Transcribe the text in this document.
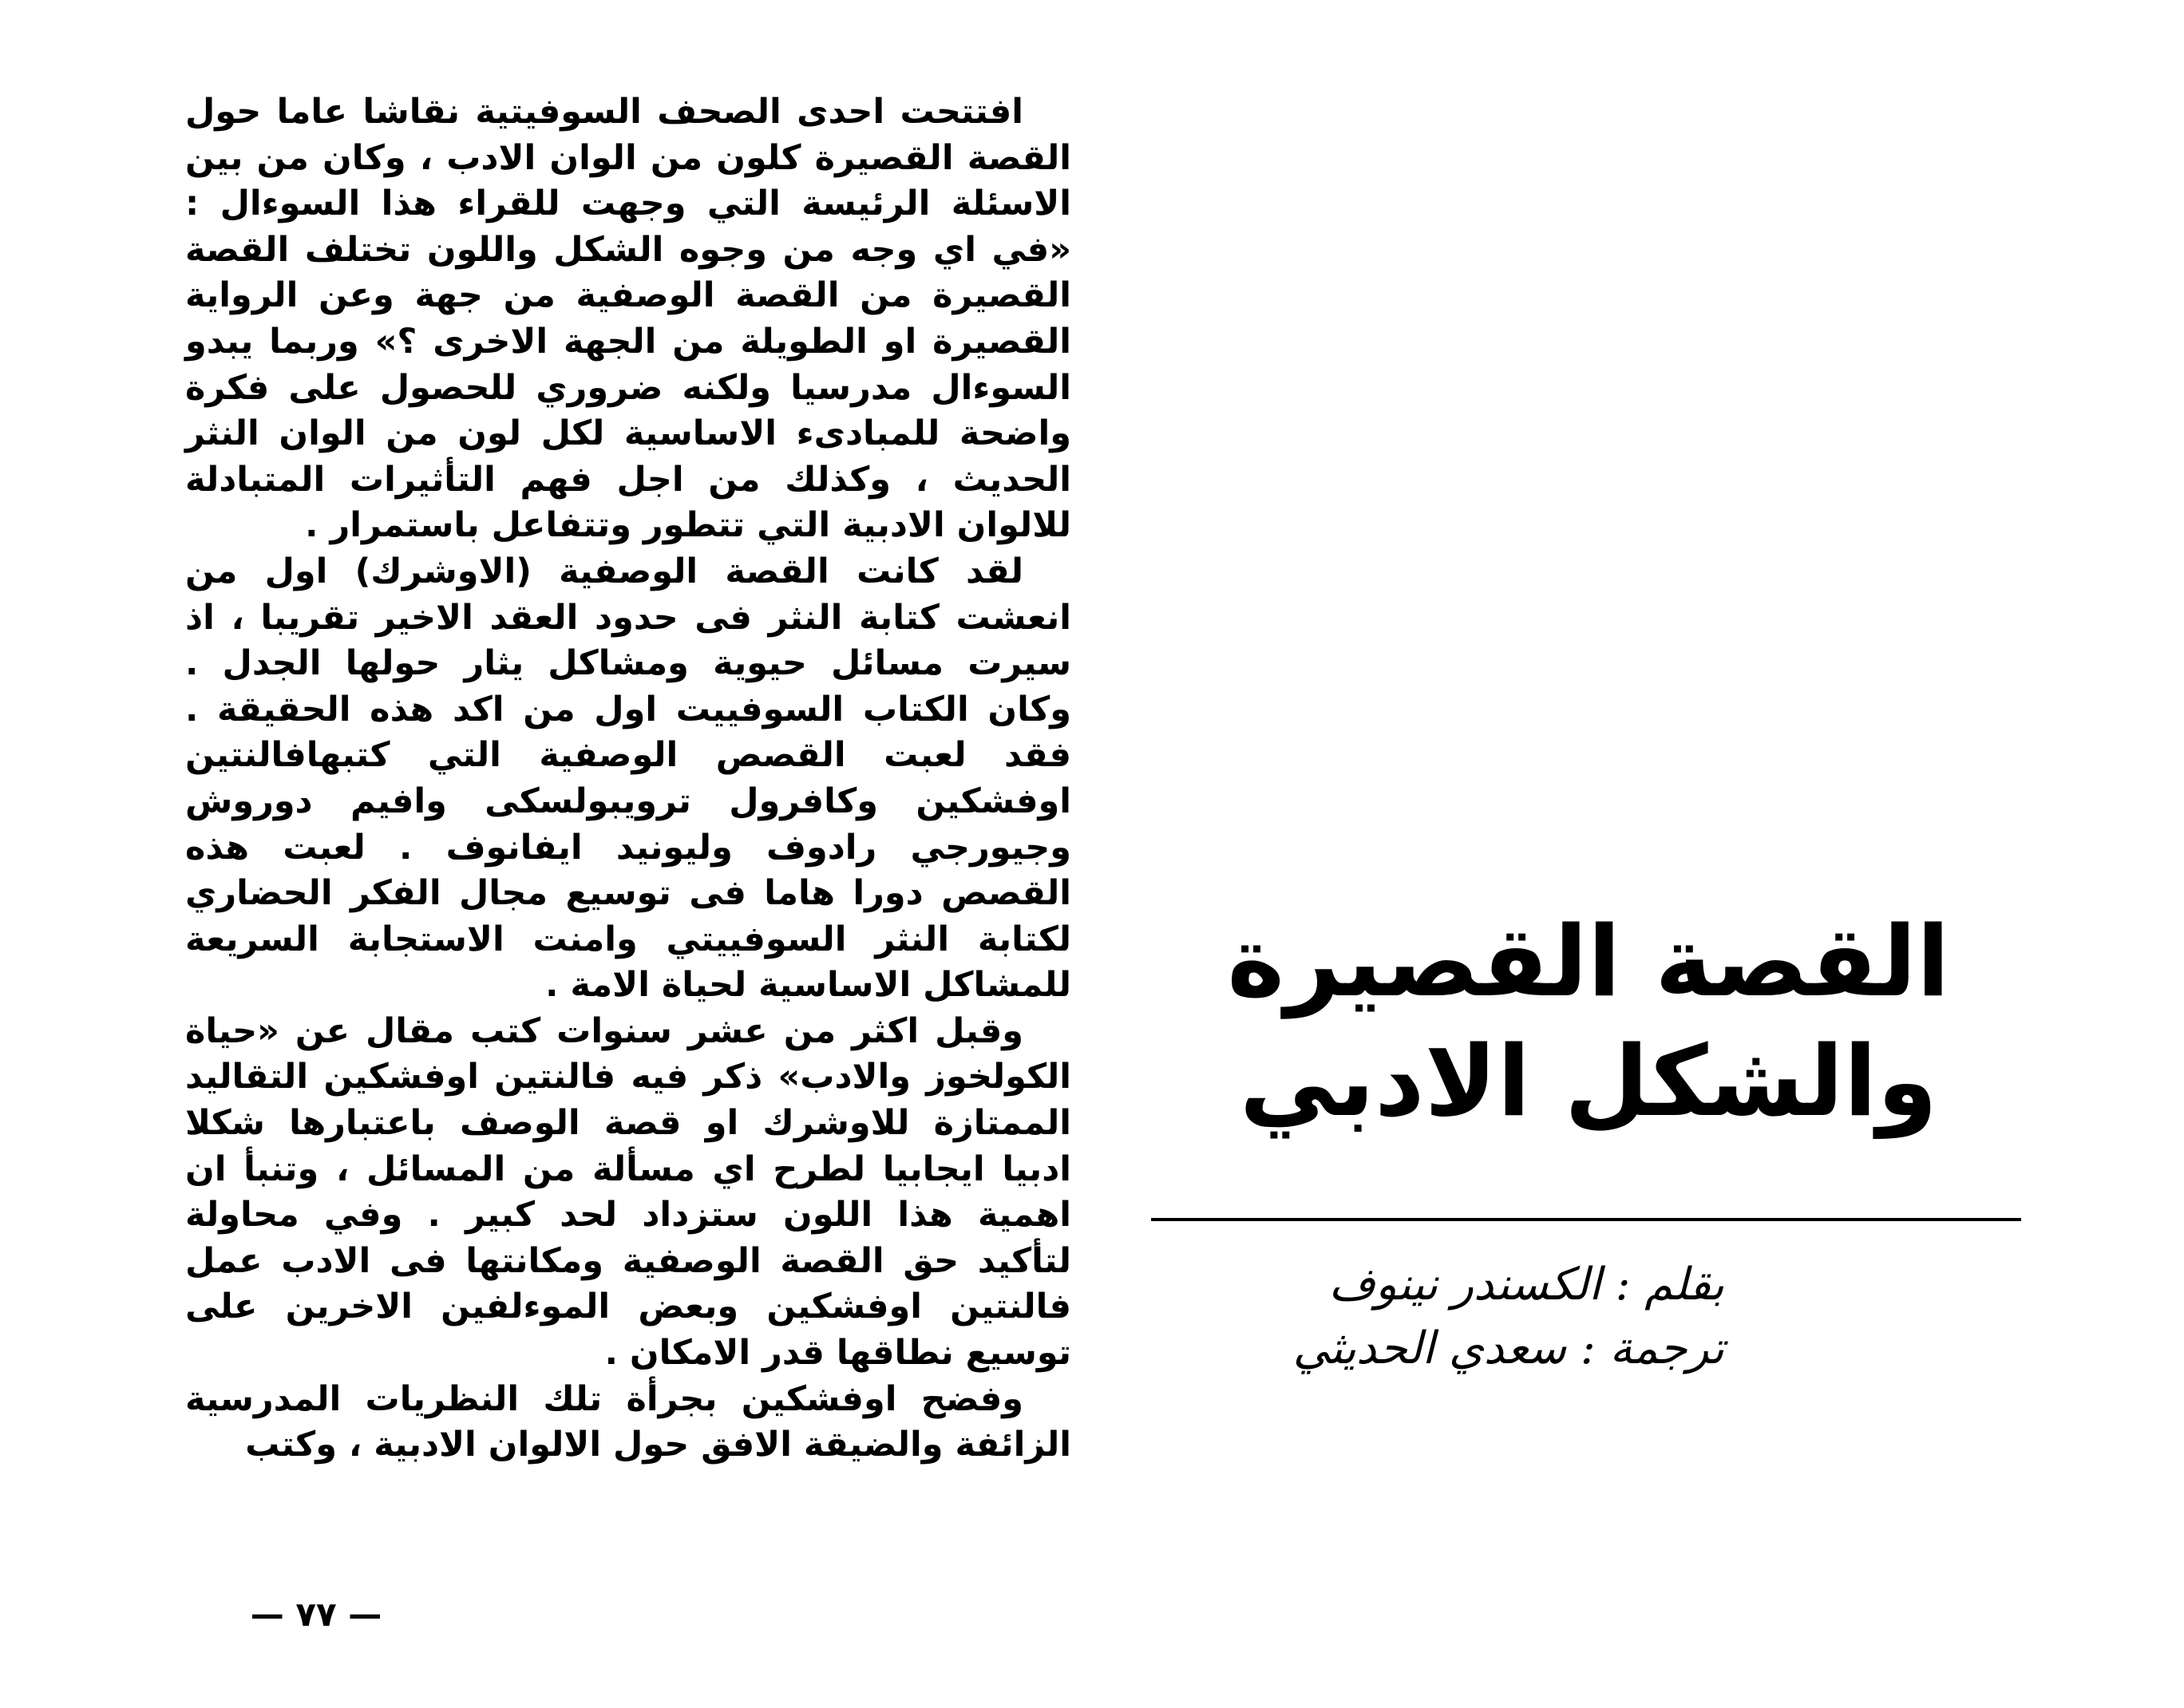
افتتحت احدى الصحف السوفيتية نقاشا عاما حول القصة القصيرة كلون من الوان الادب ، وكان من بين الاسئلة الرئيسة التي وجهت للقراء هذا السوءال : «في اي وجه من وجوه الشكل واللون تختلف القصة القصيرة من القصة الوصفية من جهة وعن الرواية القصيرة او الطويلة من الجهة الاخرى ؟» وربما يبدو السوءال مدرسيا ولكنه ضروري للحصول على فكرة واضحة للمبادىء الاساسية لكل لون من الوان النثر الحديث ، وكذلك من اجل فهم التأثيرات المتبادلة للالوان الادبية التي تتطور وتتفاعل باستمرار .

لقد كانت القصة الوصفية (الاوشرك) اول من انعشت كتابة النثر فى حدود العقد الاخير تقريبا ، اذ سيرت مسائل حيوية ومشاكل يثار حولها الجدل . وكان الكتاب السوفييت اول من اكد هذه الحقيقة . فقد لعبت القصص الوصفية التي كتبهافالنتين اوفشكين وكافرول ترويبولسكى وافيم دوروش وجيورجي رادوف وليونيد ايفانوف . لعبت هذه القصص دورا هاما فى توسيع مجال الفكر الحضاري لكتابة النثر السوفييتي وامنت الاستجابة السريعة للمشاكل الاساسية لحياة الامة .

وقبل اكثر من عشر سنوات كتب مقال عن «حياة الكولخوز والادب» ذكر فيه فالنتين اوفشكين التقاليد الممتازة للاوشرك او قصة الوصف باعتبارها شكلا ادبيا ايجابيا لطرح اي مسألة من المسائل ، وتنبأ ان اهمية هذا اللون ستزداد لحد كبير . وفي محاولة لتأكيد حق القصة الوصفية ومكانتها فى الادب عمل فالنتين اوفشكين وبعض الموءلفين الاخرين على توسيع نطاقها قدر الامكان .

وفضح اوفشكين بجرأة تلك النظريات المدرسية الزائفة والضيقة الافق حول الالوان الادبية ، وكتب

القصة القصيرة
والشكل الادبي
بقلم : الكسندر نينوف
ترجمة : سعدي الحديثي
— ٧٧ —
